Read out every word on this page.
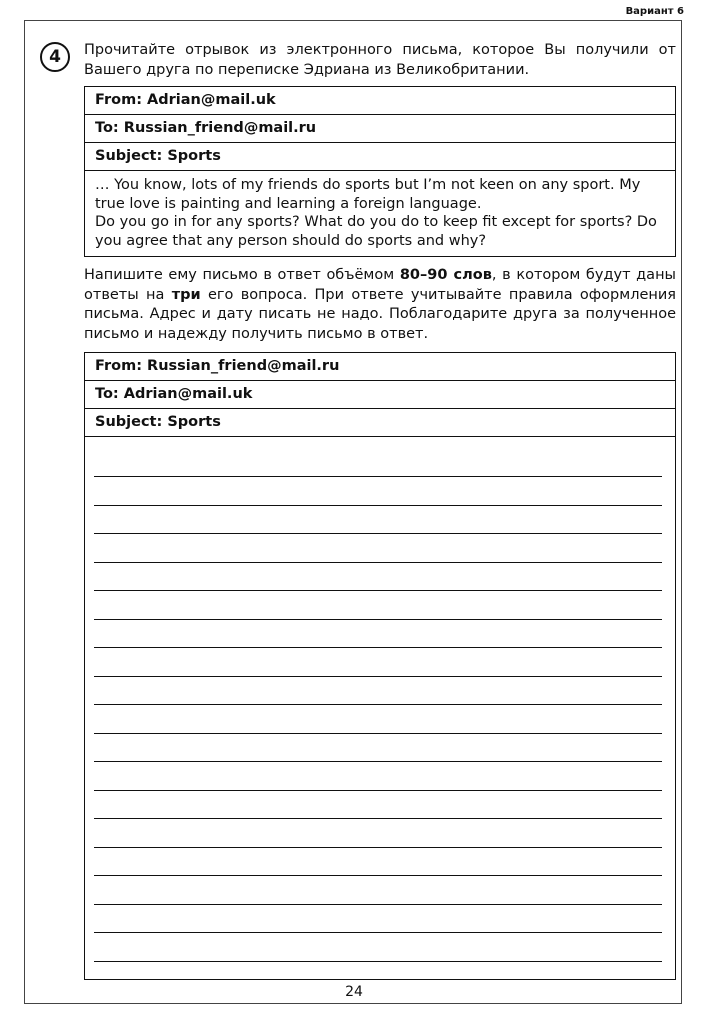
Вариант 6
4	Прочитайте отрывок из электронного письма, которое Вы получили от Вашего друга по переписке Эдриана из Великобритании.
From: Adrian@mail.uk
To: Russian_friend@mail.ru
Subject: Sports

… You know, lots of my friends do sports but I’m not keen on any sport. My true love is painting and learning a foreign language.

Do you go in for any sports? What do you do to keep fit except for sports? Do you agree that any person should do sports and why?

Напишите ему письмо в ответ объёмом 80–90 слов, в котором будут даны ответы на три его вопроса. При ответе учитывайте правила оформления письма. Адрес и дату писать не надо. Поблагодарите друга за полученное письмо и надежду получить письмо в ответ.
From: Russian_friend@mail.ru
To: Adrian@mail.uk
Subject: Sports
24
